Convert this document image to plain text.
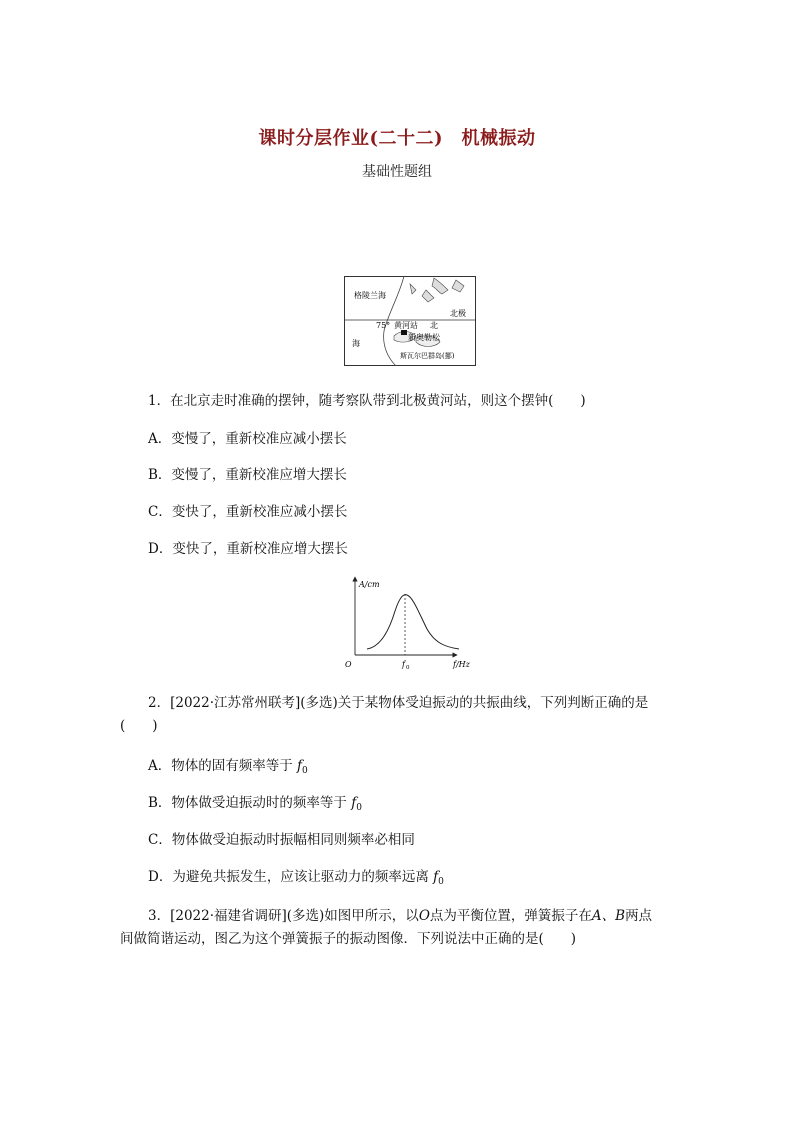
课时分层作业(二十二)　机械振动
基础性题组
格陵兰海
海
北极
75° 黄河站 北
新奥勒松
斯瓦尔巴群岛(挪)
1．在北京走时准确的摆钟，随考察队带到北极黄河站，则这个摆钟(　　)
A．变慢了，重新校准应减小摆长
B．变慢了，重新校准应增大摆长
C．变快了，重新校准应减小摆长
D．变快了，重新校准应增大摆长
A/cm
f/Hz
O	f 0
2．[2022·江苏常州联考](多选)关于某物体受迫振动的共振曲线，下列判断正确的是
(　　)
A．物体的固有频率等于 $f_0$
B．物体做受迫振动时的频率等于 $f_0$
C．物体做受迫振动时振幅相同则频率必相同
D．为避免共振发生，应该让驱动力的频率远离 $f_0$
3．[2022·福建省调研](多选)如图甲所示，以O点为平衡位置，弹簧振子在A、B两点
间做简谐运动，图乙为这个弹簧振子的振动图像．下列说法中正确的是(　　)
